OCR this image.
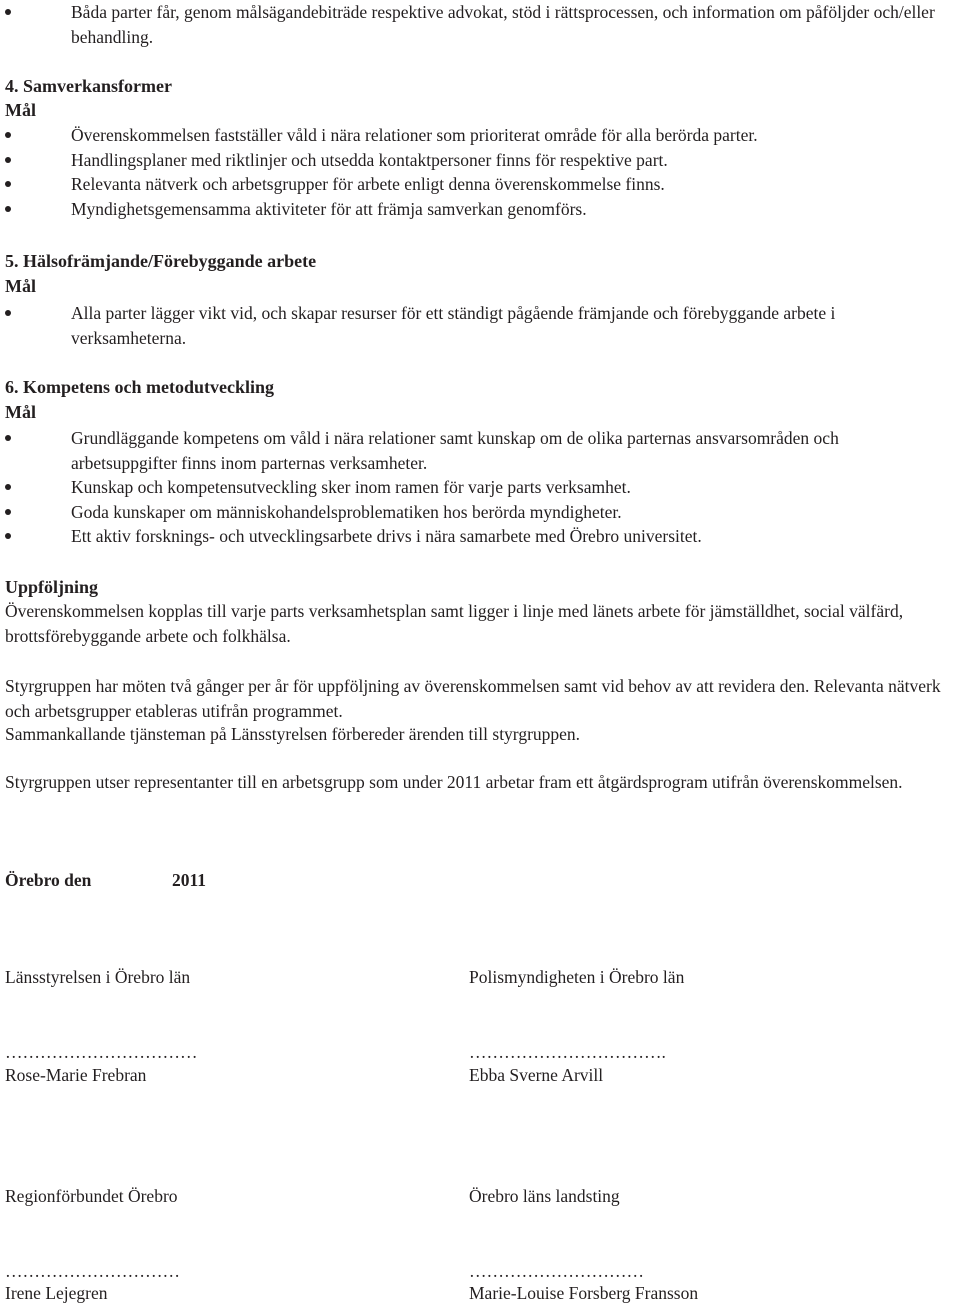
Båda parter får, genom målsägandebiträde respektive advokat, stöd i rättsprocessen, och information om påföljder och/eller behandling.
4. Samverkansformer
Mål
Överenskommelsen fastställer våld i nära relationer som prioriterat område för alla berörda parter.
Handlingsplaner med riktlinjer och utsedda kontaktpersoner finns för respektive part.
Relevanta nätverk och arbetsgrupper för arbete enligt denna överenskommelse finns.
Myndighetsgemensamma aktiviteter för att främja samverkan genomförs.
5. Hälsofrämjande/Förebyggande arbete
Mål
Alla parter lägger vikt vid, och skapar resurser för ett ständigt pågående främjande och förebyggande arbete i verksamheterna.
6. Kompetens och metodutveckling
Mål
Grundläggande kompetens om våld i nära relationer samt kunskap om de olika parternas ansvarsområden och arbetsuppgifter finns inom parternas verksamheter.
Kunskap och kompetensutveckling sker inom ramen för varje parts verksamhet.
Goda kunskaper om människohandelsproblematiken hos berörda myndigheter.
Ett aktiv forsknings- och utvecklingsarbete drivs i nära samarbete med Örebro universitet.
Uppföljning

Överenskommelsen kopplas till varje parts verksamhetsplan samt ligger i linje med länets arbete för jämställdhet, social välfärd, brottsförebyggande arbete och folkhälsa.

Styrgruppen har möten två gånger per år för uppföljning av överenskommelsen samt vid behov av att revidera den. Relevanta nätverk och arbetsgrupper etableras utifrån programmet.

Sammankallande tjänsteman på Länsstyrelsen förbereder ärenden till styrgruppen.

Styrgruppen utser representanter till en arbetsgrupp som under 2011 arbetar fram ett åtgärdsprogram utifrån överenskommelsen.

Örebro den	2011
Länsstyrelsen i Örebro län
……………………………
Rose-Marie Frebran
Polismyndigheten i Örebro län
…………………………….
Ebba Sverne Arvill
Regionförbundet Örebro
…………………………
Irene Lejegren
Örebro läns landsting
…………………………
Marie-Louise Forsberg Fransson
